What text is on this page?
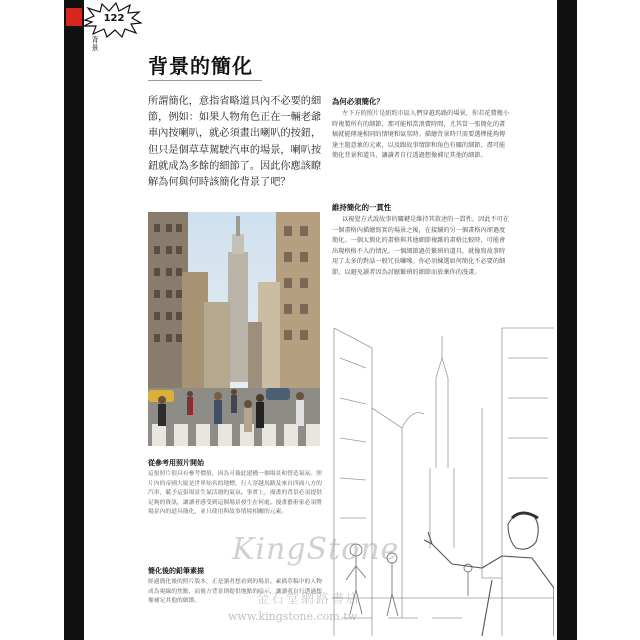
背景
122
背景的簡化
所謂簡化，意指省略道具內不必要的細節，例如：如果人物角色正在一輛老爺車內按喇叭，就必須畫出喇叭的按鈕，但只是個草草駕駛汽車的場景，喇叭按鈕就成為多餘的細節了。因此你應該瞭解為何與何時該簡化背景了吧？
為何必須簡化？
左下方的照片是紐約市區人們穿越馬路的場景，你若花費幾小時複製所有的細節，那可能相當浪費時間，尤其當一張簡化的畫稿就能傳達相同的情境和氣氛時。描繪背景時只需要選擇能夠傳達主題意象的元素，以及跟故事情節和角色有關的細節，盡可能簡化背景和道具，讓讀者自行透過想像補足其他的細節。
維持簡化的一貫性
以視覺方式說故事的關鍵是維持其敘述的一貫性，因此不可在一個畫格內描繪寫實的場景之後，在接續的另一個畫格內卻過度簡化。一個太簡化的畫格與其他細節複雜的畫格比較時，可能會出現格格不入的情況。一個細節過於繁瑣的道具，就像寫故事時用了太多的對話一般冗長囉嗦。你必須揀選如何簡化不必要的細節，以避免讀者因為討厭繁瑣的細節而放棄你的漫畫。
從參考用照片開始
這張照片很具有參考價值，因為可藉此建構一個場景和營造氣氛。照片內的帝國大廈是世界知名的地標，行人穿越馬路及來自四面八方的汽車，賦予這張場景生氣活潑的氣氛。事實上，漫畫的背景必須提供足夠的資訊，讓讀者感受到這個場景發生在何處。漫畫藝術家必須將場景內的道具簡化，並只使用與故事情境相關的元素。
簡化後的鉛筆素描
經過簡化後的照片版本，正是讀者想看到的場景。素描草稿中的人物成為視線的焦點，而後方背景則提供地點的暗示，讓讀者自行透過想像補足其他的細節。
KingStone
金石堂網路書店
www.kingstone.com.tw
